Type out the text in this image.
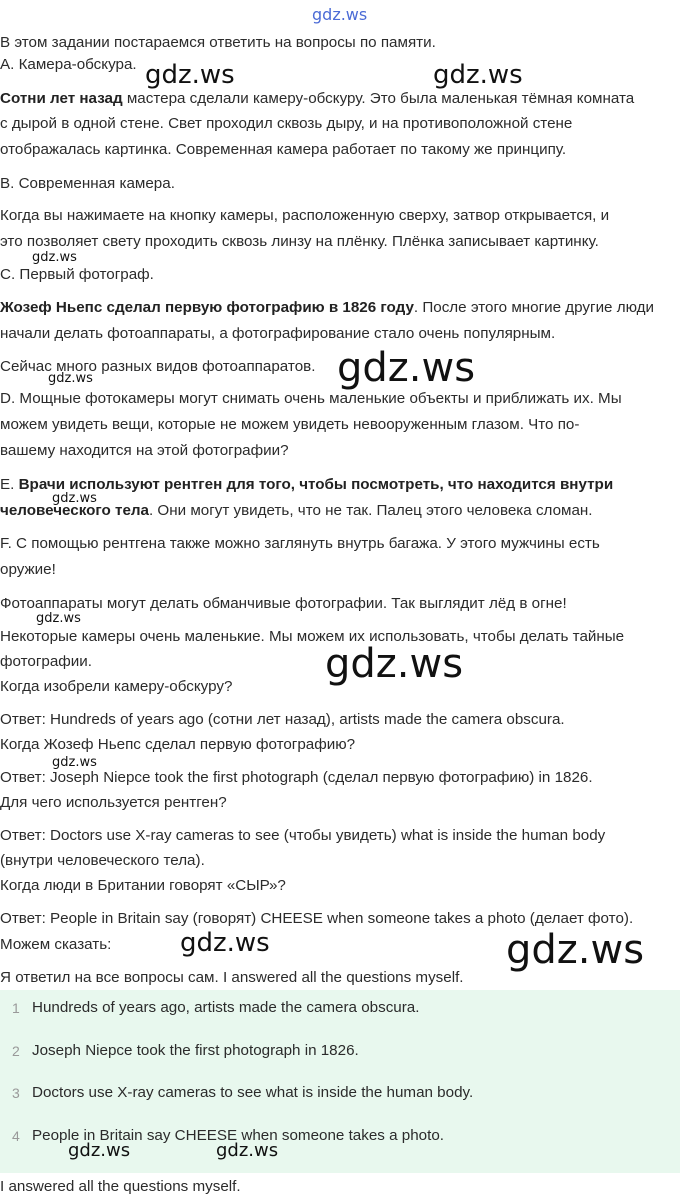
gdz.ws
gdz.ws	gdz.ws
gdz.ws
gdz.ws
gdz.ws
gdz.ws
gdz.ws
gdz.ws
gdz.ws
gdz.ws	gdz.ws
В этом задании постараемся ответить на вопросы по памяти.
А. Камера-обскура.
Сотни лет назад мастера сделали камеру-обскуру. Это была маленькая тёмная комната
с дырой в одной стене. Свет проходил сквозь дыру, и на противоположной стене
отображалась картинка. Современная камера работает по такому же принципу.
В. Современная камера.
Когда вы нажимаете на кнопку камеры, расположенную сверху, затвор открывается, и
это позволяет свету проходить сквозь линзу на плёнку. Плёнка записывает картинку.
С. Первый фотограф.
Жозеф Ньепс сделал первую фотографию в 1826 году. После этого многие другие люди
начали делать фотоаппараты, а фотографирование стало очень популярным.
Сейчас много разных видов фотоаппаратов.
D. Мощные фотокамеры могут снимать очень маленькие объекты и приближать их. Мы
можем увидеть вещи, которые не можем увидеть невооруженным глазом. Что по-
вашему находится на этой фотографии?
E. Врачи используют рентген для того, чтобы посмотреть, что находится внутри
человеческого тела. Они могут увидеть, что не так. Палец этого человека сломан.
F. С помощью рентгена также можно заглянуть внутрь багажа. У этого мужчины есть
оружие!
Фотоаппараты могут делать обманчивые фотографии. Так выглядит лёд в огне!
Некоторые камеры очень маленькие. Мы можем их использовать, чтобы делать тайные
фотографии.
Когда изобрели камеру-обскуру?
Ответ: Hundreds of years ago (сотни лет назад), artists made the camera obscura.
Когда Жозеф Ньепс сделал первую фотографию?
Ответ: Joseph Niepce took the first photograph (сделал первую фотографию) in 1826.
Для чего используется рентген?
Ответ: Doctors use X-ray cameras to see (чтобы увидеть) what is inside the human body
(внутри человеческого тела).
Когда люди в Британии говорят «СЫР»?
Ответ: People in Britain say (говорят) CHEESE when someone takes a photo (делает фото).
Можем сказать:
Я ответил на все вопросы сам. I answered all the questions myself.
1 Hundreds of years ago, artists made the camera obscura.
2 Joseph Niepce took the first photograph in 1826.
3 Doctors use X-ray cameras to see what is inside the human body.
4 People in Britain say CHEESE when someone takes a photo.
gdz.ws	gdz.ws
I answered all the questions myself.
